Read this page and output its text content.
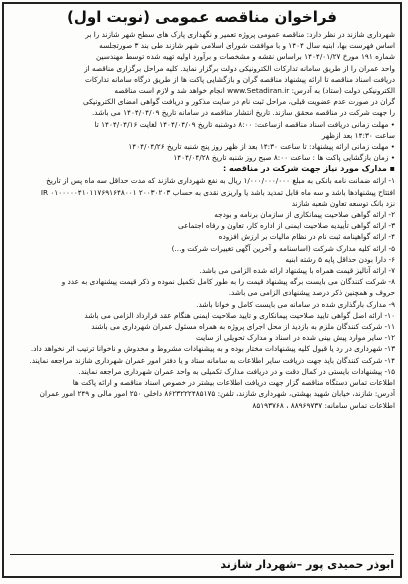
فراخوان مناقصه عمومی (نوبت اول)
شهرداری شازند در نظر دارد: مناقصه عمومی پروژه تعمیر و نگهداری پارک های سطح شهر شازند را بر
اساس فهرست بها، ابنیه سال ۱۴۰۴ و با موافقت شورای اسلامی شهر شازند طی بند ۳ صورتجلسه
شماره ۱۹۱ مورخ ۱۴۰۴/۰۱/۲۷ براساس نقشه و مشخصات و برآورد اولیه تهیه شده توسط مهندسین
واحد عمران را از طریق سامانه تدارکات الکترونیکی دولت برگزار نماید. کلیه مراحل برگزاری مناقصه از
دریافت اسناد مناقصه تا ارائه پیشنهاد مناقصه گران و بازگشایی پاکت ها از طریق درگاه سامانه تدارکات
الکترونیکی دولت (ستاد) به آدرس: www.Setadiran.ir انجام خواهد شد و لازم است مناقصه
گران در صورت عدم عضویت قبلی، مراحل ثبت نام در سایت مذکور و دریافت گواهی امضای الکترونیکی
را جهت شرکت در مناقصه محقق سازند. تاریخ انتشار مناقصه در سامانه تاریخ ۱۴۰۴/۰۴/۰۹ می باشد.
• مهلت زمانی دریافت اسناد مناقصه ازساعت: ۸:۰۰ دوشنبه تاریخ ۱۴۰۴/۰۴/۰۹ لغایت ۱۴۰۴/۰۴/۱۶ تا
ساعت ۱۴:۳۰ بعد ازظهر
• مهلت زمانی ارائه پیشنهاد: تا ساعت ۱۴:۳۰ بعد از ظهر روز پنج شنبه تاریخ ۱۴۰۴/۰۴/۲۶
• زمان بازگشایی پاکت ها : ساعت ۸:۰۰ صبح روز شنبه تاریخ ۱۴۰۴/۰۴/۲۸
▪ مدارک مورد نیاز جهت شرکت در مناقصه :
۱- ارائه ضمانت نامه بانکی به مبلغ ۱/۰۰۰/۰۰۰/۰۰۰ ریال به نفع شهرداری شازند که مدت حداقل سه ماه پس از تاریخ
افتتاح پیشنهادها باشد و سه ماه قابل تمدید باشد یا واریزی نقدی به حساب IR ۰۱۰۰۰۰۰۴۱۰۱۱۷۶۹۱۶۴۸۰۰۱ ۲۰۰۳۰۲۰۳
نزد بانک توسعه تعاون شعبه شازند
۲- ارائه گواهی صلاحیت پیمانکاری از سازمان برنامه و بودجه
۳- ارائه گواهی تأییدیه صلاحیت ایمنی از اداره کار، تعاون و رفاه اجتماعی
۴- ارائه گواهینامه ثبت نام در نظام مالیات بر ارزش افزوده
۵- ارائه کلیه مدارک شرکت (اساسنامه و آخرین آگهی تغییرات شرکت و...)
۶- دارا بودن حداقل پایه ۵ رشته ابنیه
۷- ارائه آنالیز قیمت همراه با پیشنهاد ارائه شده الزامی می باشد.
۸- شرکت کنندگان می بایست برگه پیشنهاد قیمت را به طور کامل تکمیل نموده و ذکر قیمت پیشنهادی به عدد و
حروف و همچنین ذکر درصد پیشنهادی الزامی می باشد.
۹- مدارک بارگذاری شده در سامانه می بایست کامل و خوانا باشد.
۱۰- ارائه اصل گواهی تایید صلاحیت پیمانکاری و تایید صلاحیت ایمنی هنگام عقد قرارداد الزامی می باشد
۱۱- شرکت کنندگان ملزم به بازدید از محل اجرای پروژه به همراه مسئول عمران شهرداری می باشند
۱۲- سایر موارد پیش بینی شده در اسناد و مدارک تحویلی از سایت
۱۳- شهرداری در رد یا قبول کلیه پیشنهادات مختار بوده و به پیشنهادات مشروط و مخدوش و ناخوانا ترتیب اثر نخواهد داد.
۱۴- شرکت کنندگان باید جهت دریافت سایر اطلاعات به سامانه ستاد و یا دفتر امور عمران شهرداری شازند مراجعه نمایند.
۱۵- پیشنهادات بایستی در کمال دقت و در دریافت مدارک تکمیلی به واحد عمران شهرداری مراجعه نمایند.
اطلاعات تماس دستگاه مناقصه گزار جهت دریافت اطلاعات بیشتر در خصوص اسناد مناقصه و ارائه پاکت ها
آدرس: شازند، خیابان شهید بهشتی، شهرداری شازند، تلفن: ۸۶۲۳۲۲۲۴۸۵۱۷۵ داخلی ۲۵۰ امور مالی و ۲۴۹ امور عمران
اطلاعات تماس سامانه: ۸۸۹۶۹۷۳۷ ، ۸۵۱۹۳۷۶۸
ابوذر حمیدی پور –شهردار شازند
